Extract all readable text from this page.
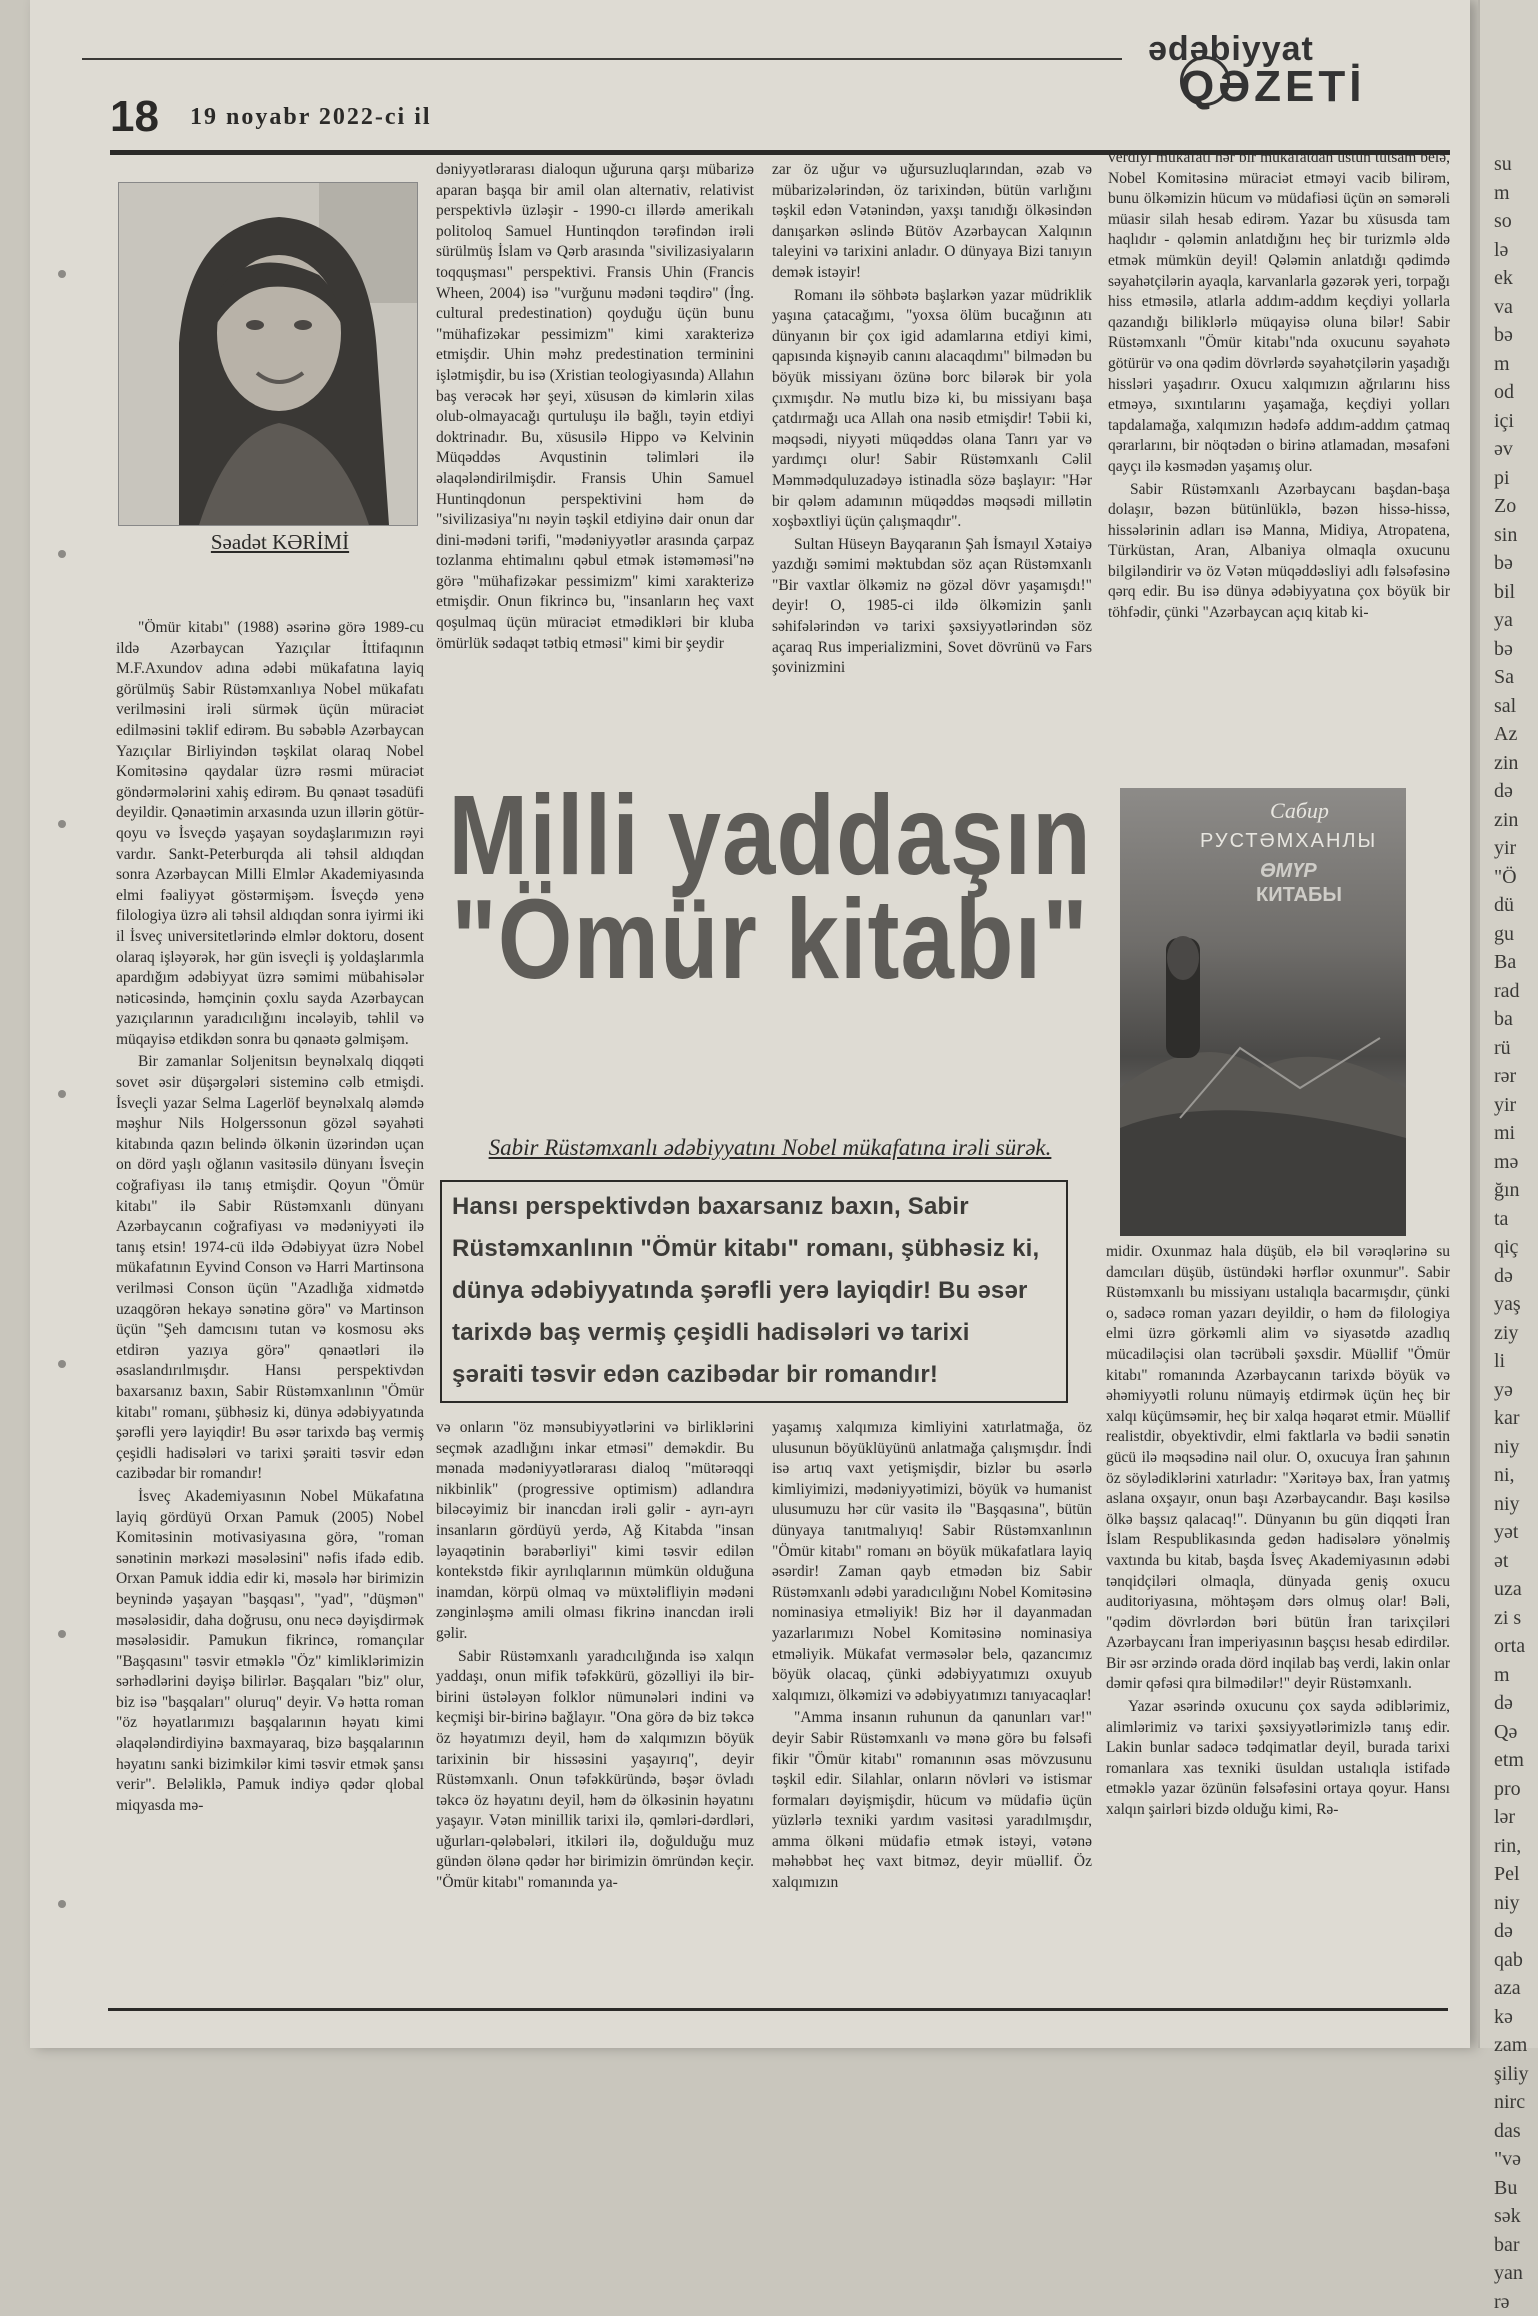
ədəbiyyat
QƏZETİ
18 19 noyabr 2022-ci il
Səadət KƏRİMİ

"Ömür kitabı" (1988) əsərinə görə 1989-cu ildə Azərbaycan Yazıçılar İttifaqının M.F.Axundov adına ədəbi mükafatına layiq görülmüş Sabir Rüstəmxanlıya Nobel mükafatı verilməsini irəli sürmək üçün müraciət edilməsini təklif edirəm. Bu səbəblə Azərbaycan Yazıçılar Birliyindən təşkilat olaraq Nobel Komitəsinə qaydalar üzrə rəsmi müraciət göndərmələrini xahiş edirəm. Bu qənaət təsadüfi deyildir. Qənaətimin arxasında uzun illərin götür-qoyu və İsveçdə yaşayan soydaşlarımızın rəyi vardır. Sankt-Peterburqda ali təhsil aldıqdan sonra Azərbaycan Milli Elmlər Akademiyasında elmi fəaliyyət göstərmişəm. İsveçdə yenə filologiya üzrə ali təhsil aldıqdan sonra iyirmi iki il İsveç universitetlərində elmlər doktoru, dosent olaraq işləyərək, hər gün isveçli iş yoldaşlarımla apardığım ədəbiyyat üzrə səmimi mübahisələr nəticəsində, həmçinin çoxlu sayda Azərbaycan yazıçılarının yaradıcılığını incələyib, təhlil və müqayisə etdikdən sonra bu qənaətə gəlmişəm.

Bir zamanlar Soljenitsın beynəlxalq diqqəti sovet əsir düşərgələri sisteminə cəlb etmişdi. İsveçli yazar Selma Lagerlöf beynəlxalq aləmdə məşhur Nils Holgerssonun gözəl səyahəti kitabında qazın belində ölkənin üzərindən uçan on dörd yaşlı oğlanın vasitəsilə dünyanı İsveçin coğrafiyası ilə tanış etmişdir. Qoyun "Ömür kitabı" ilə Sabir Rüstəmxanlı dünyanı Azərbaycanın coğrafiyası və mədəniyyəti ilə tanış etsin! 1974-cü ildə Ədəbiyyat üzrə Nobel mükafatının Eyvind Conson və Harri Martinsona verilməsi Conson üçün "Azadlığa xidmətdə uzaqgörən hekayə sənətinə görə" və Martinson üçün "Şeh damcısını tutan və kosmosu əks etdirən yazıya görə" qənaətləri ilə əsaslandırılmışdır. Hansı perspektivdən baxarsanız baxın, Sabir Rüstəmxanlının "Ömür kitabı" romanı, şübhəsiz ki, dünya ədəbiyyatında şərəfli yerə layiqdir! Bu əsər tarixdə baş vermiş çeşidli hadisələri və tarixi şəraiti təsvir edən cazibədar bir romandır!

İsveç Akademiyasının Nobel Mükafatına layiq gördüyü Orxan Pamuk (2005) Nobel Komitəsinin motivasiyasına görə, "roman sənətinin mərkəzi məsələsini" nəfis ifadə edib. Orxan Pamuk iddia edir ki, məsələ hər birimizin beynində yaşayan "başqası", "yad", "düşmən" məsələsidir, daha doğrusu, onu necə dəyişdirmək məsələsidir. Pamukun fikrincə, romançılar "Başqasını" təsvir etməklə "Öz" kimliklərimizin sərhədlərini dəyişə bilirlər. Başqaları "biz" olur, biz isə "başqaları" oluruq" deyir. Və hətta roman "öz həyatlarımızı başqalarının həyatı kimi əlaqələndirdiyinə baxmayaraq, bizə başqalarının həyatını sanki bizimkilər kimi təsvir etmək şansı verir". Beləliklə, Pamuk indiyə qədər qlobal miqyasda mə-

dəniyyətlərarası dialoqun uğuruna qarşı mübarizə aparan başqa bir amil olan alternativ, relativist perspektivlə üzləşir - 1990-cı illərdə amerikalı politoloq Samuel Huntinqdon tərəfindən irəli sürülmüş İslam və Qərb arasında "sivilizasiyaların toqquşması" perspektivi. Fransis Uhin (Francis Wheen, 2004) isə "vurğunu mədəni təqdirə" (İng. cultural predestination) qoyduğu üçün bunu "mühafizəkar pessimizm" kimi xarakterizə etmişdir. Uhin məhz predestination terminini işlətmişdir, bu isə (Xristian teologiyasında) Allahın baş verəcək hər şeyi, xüsusən də kimlərin xilas olub-olmayacağı qurtuluşu ilə bağlı, təyin etdiyi doktrinadır. Bu, xüsusilə Hippo və Kelvinin Müqəddəs Avqustinin təlimləri ilə əlaqələndirilmişdir. Fransis Uhin Samuel Huntinqdonun perspektivini həm də "sivilizasiya"nı nəyin təşkil etdiyinə dair onun dar dini-mədəni tərifi, "mədəniyyətlər arasında çarpaz tozlanma ehtimalını qəbul etmək istəməməsi"nə görə "mühafizəkar pessimizm" kimi xarakterizə etmişdir. Onun fikrincə bu, "insanların heç vaxt qoşulmaq üçün müraciət etmədikləri bir kluba ömürlük sədaqət tətbiq etməsi" kimi bir şeydir

zar öz uğur və uğursuzluqlarından, əzab və mübarizələrindən, öz tarixindən, bütün varlığını təşkil edən Vətənindən, yaxşı tanıdığı ölkəsindən danışarkən əslində Bütöv Azərbaycan Xalqının taleyini və tarixini anladır. O dünyaya Bizi tanıyın demək istəyir!

Romanı ilə söhbətə başlarkən yazar müdriklik yaşına çatacağımı, "yoxsa ölüm bucağının atı dünyanın bir çox igid adamlarına etdiyi kimi, qapısında kişnəyib canını alacaqdımı" bilmədən bu böyük missiyanı özünə borc bilərək bir yola çıxmışdır. Nə mutlu bizə ki, bu missiyanı başa çatdırmağı uca Allah ona nəsib etmişdir! Təbii ki, məqsədi, niyyəti müqəddəs olana Tanrı yar və yardımçı olur! Sabir Rüstəmxanlı Cəlil Məmmədquluzadəyə istinadla sözə başlayır: "Hər bir qələm adamının müqəddəs məqsədi millətin xoşbəxtliyi üçün çalışmaqdır".

Sultan Hüseyn Bayqaranın Şah İsmayıl Xətaiyə yazdığı səmimi məktubdan söz açan Rüstəmxanlı "Bir vaxtlar ölkəmiz nə gözəl dövr yaşamışdı!" deyir! O, 1985-ci ildə ölkəmizin şanlı səhifələrindən və tarixi şəxsiyyətlərindən söz açaraq Rus imperializmini, Sovet dövrünü və Fars şovinizmini

verdiyi mükafatı hər bir mükafatdan üstün tutsam belə, Nobel Komitəsinə müraciət etməyi vacib bilirəm, bunu ölkəmizin hücum və müdafiəsi üçün ən səmərəli müasir silah hesab edirəm. Yazar bu xüsusda tam haqlıdır - qələmin anlatdığını heç bir turizmlə əldə etmək mümkün deyil! Qələmin anlatdığı qədimdə səyahətçilərin ayaqla, karvanlarla gəzərək yeri, torpağı hiss etməsilə, atlarla addım-addım keçdiyi yollarla qazandığı biliklərlə müqayisə oluna bilər! Sabir Rüstəmxanlı "Ömür kitabı"nda oxucunu səyahətə götürür və ona qədim dövrlərdə səyahətçilərin yaşadığı hissləri yaşadırır. Oxucu xalqımızın ağrılarını hiss etməyə, sıxıntılarını yaşamağa, keçdiyi yolları tapdalamağa, xalqımızın hədəfə addım-addım çatmaq qərarlarını, bir nöqtədən o birinə atlamadan, məsafəni qayçı ilə kəsmədən yaşamış olur.

Sabir Rüstəmxanlı Azərbaycanı başdan-başa dolaşır, bəzən bütünlüklə, bəzən hissə-hissə, hissələrinin adları isə Manna, Midiya, Atropatena, Türküstan, Aran, Albaniya olmaqla oxucunu bilgiləndirir və öz Vətən müqəddəsliyi adlı fəlsəfəsinə qərq edir. Bu isə dünya ədəbiyyatına çox böyük bir töhfədir, çünki "Azərbaycan açıq kitab ki-

Milli yaddaşın
"Ömür kitabı"
Sabir Rüstəmxanlı ədəbiyyatını Nobel mükafatına irəli sürək.
Hansı perspektivdən baxarsanız baxın, Sabir
Rüstəmxanlının "Ömür kitabı" romanı, şübhəsiz ki,
dünya ədəbiyyatında şərəfli yerə layiqdir! Bu əsər
tarixdə baş vermiş çeşidli hadisələri və tarixi
şəraiti təsvir edən cazibədar bir romandır!
Сабир
РУСТӘМХАНЛЫ
ӨМҮР
КИТАБЫ

və onların "öz mənsubiyyətlərini və birliklərini seçmək azadlığını inkar etməsi" deməkdir. Bu mənada mədəniyyətlərarası dialoq "mütərəqqi nikbinlik" (progressive optimism) adlandıra biləcəyimiz bir inancdan irəli gəlir - ayrı-ayrı insanların gördüyü yerdə, Ağ Kitabda "insan ləyaqətinin bərabərliyi" kimi təsvir edilən kontekstdə fikir ayrılıqlarının mümkün olduğuna inamdan, körpü olmaq və müxtəlifliyin mədəni zənginləşmə amili olması fikrinə inancdan irəli gəlir.

Sabir Rüstəmxanlı yaradıcılığında isə xalqın yaddaşı, onun mifik təfəkkürü, gözəlliyi ilə bir-birini üstələyən folklor nümunələri indini və keçmişi bir-birinə bağlayır. "Ona görə də biz təkcə öz həyatımızı deyil, həm də xalqımızın böyük tarixinin bir hissəsini yaşayırıq", deyir Rüstəmxanlı. Onun təfəkküründə, bəşər övladı təkcə öz həyatını deyil, həm də ölkəsinin həyatını yaşayır. Vətən minillik tarixi ilə, qəmləri-dərdləri, uğurları-qələbələri, itkiləri ilə, doğulduğu muz gündən ölənə qədər hər birimizin ömründən keçir. "Ömür kitabı" romanında ya-

yaşamış xalqımıza kimliyini xatırlatmağa, öz ulusunun böyüklüyünü anlatmağa çalışmışdır. İndi isə artıq vaxt yetişmişdir, bizlər bu əsərlə kimliyimizi, mədəniyyətimizi, böyük və humanist ulusumuzu hər cür vasitə ilə "Başqasına", bütün dünyaya tanıtmalıyıq! Sabir Rüstəmxanlının "Ömür kitabı" romanı ən böyük mükafatlara layiq əsərdir! Zaman qayb etmədən biz Sabir Rüstəmxanlı ədəbi yaradıcılığını Nobel Komitəsinə nominasiya etməliyik! Biz hər il dayanmadan yazarlarımızı Nobel Komitəsinə nominasiya etməliyik. Mükafat verməsələr belə, qazancımız böyük olacaq, çünki ədəbiyyatımızı oxuyub xalqımızı, ölkəmizi və ədəbiyyatımızı tanıyacaqlar!

"Amma insanın ruhunun da qanunları var!" deyir Sabir Rüstəmxanlı və mənə görə bu fəlsəfi fikir "Ömür kitabı" romanının əsas mövzusunu təşkil edir. Silahlar, onların növləri və istismar formaları dəyişmişdir, hücum və müdafiə üçün yüzlərlə texniki yardım vasitəsi yaradılmışdır, amma ölkəni müdafiə etmək istəyi, vətənə məhəbbət heç vaxt bitməz, deyir müəllif. Öz xalqımızın

midir. Oxunmaz hala düşüb, elə bil vərəqlərinə su damcıları düşüb, üstündəki hərflər oxunmur". Sabir Rüstəmxanlı bu missiyanı ustalıqla bacarmışdır, çünki o, sadəcə roman yazarı deyildir, o həm də filologiya elmi üzrə görkəmli alim və siyasətdə azadlıq mücadiləçisi olan təcrübəli şəxsdir. Müəllif "Ömür kitabı" romanında Azərbaycanın tarixdə böyük və əhəmiyyətli rolunu nümayiş etdirmək üçün heç bir xalqı küçümsəmir, heç bir xalqa həqarət etmir. Müəllif realistdir, obyektivdir, elmi faktlarla və bədii sənətin gücü ilə məqsədinə nail olur. O, oxucuya İran şahının öz söylədiklərini xatırladır: "Xəritəyə bax, İran yatmış aslana oxşayır, onun başı Azərbaycandır. Başı kəsilsə ölkə başsız qalacaq!". Dünyanın bu gün diqqəti İran İslam Respublikasında gedən hadisələrə yönəlmiş vaxtında bu kitab, başda İsveç Akademiyasının ədəbi tənqidçiləri olmaqla, dünyada geniş oxucu auditoriyasına, möhtəşəm dərs olmuş olar! Bəli, "qədim dövrlərdən bəri bütün İran tarixçiləri Azərbaycanı İran imperiyasının başçısı hesab edirdilər. Bir əsr ərzində orada dörd inqilab baş verdi, lakin onlar dəmir qəfəsi qıra bilmədilər!" deyir Rüstəmxanlı.

Yazar əsərində oxucunu çox sayda ədiblərimiz, alimlərimiz və tarixi şəxsiyyətlərimizlə tanış edir. Lakin bunlar sadəcə tədqimatlar deyil, burada tarixi romanlara xas texniki üsuldan ustalıqla istifadə etməklə yazar özünün fəlsəfəsini ortaya qoyur. Hansı xalqın şairləri bizdə olduğu kimi, Rə-

su
m
so
lə
ek
va
bə
m
od
içi
əv
pi
Zo
sin
bə
bil
ya
bə
Sa
sal
Az
zin
də
zin
yir
"Ö
dü
gu
Ba
rad
ba
rü
rər
yir
mi
mə
ğın
ta
qiç
də
yaş
ziy
li
yə
kar
niy
ni,
niy
yət
ət
uza
zi s
orta
m
də
Qə
etm
pro
lər
rin,
Pel
niy
də
qab
aza
kə
zam
şiliy
nirc
das
"və
Bu
sək
bar
yan
rə
